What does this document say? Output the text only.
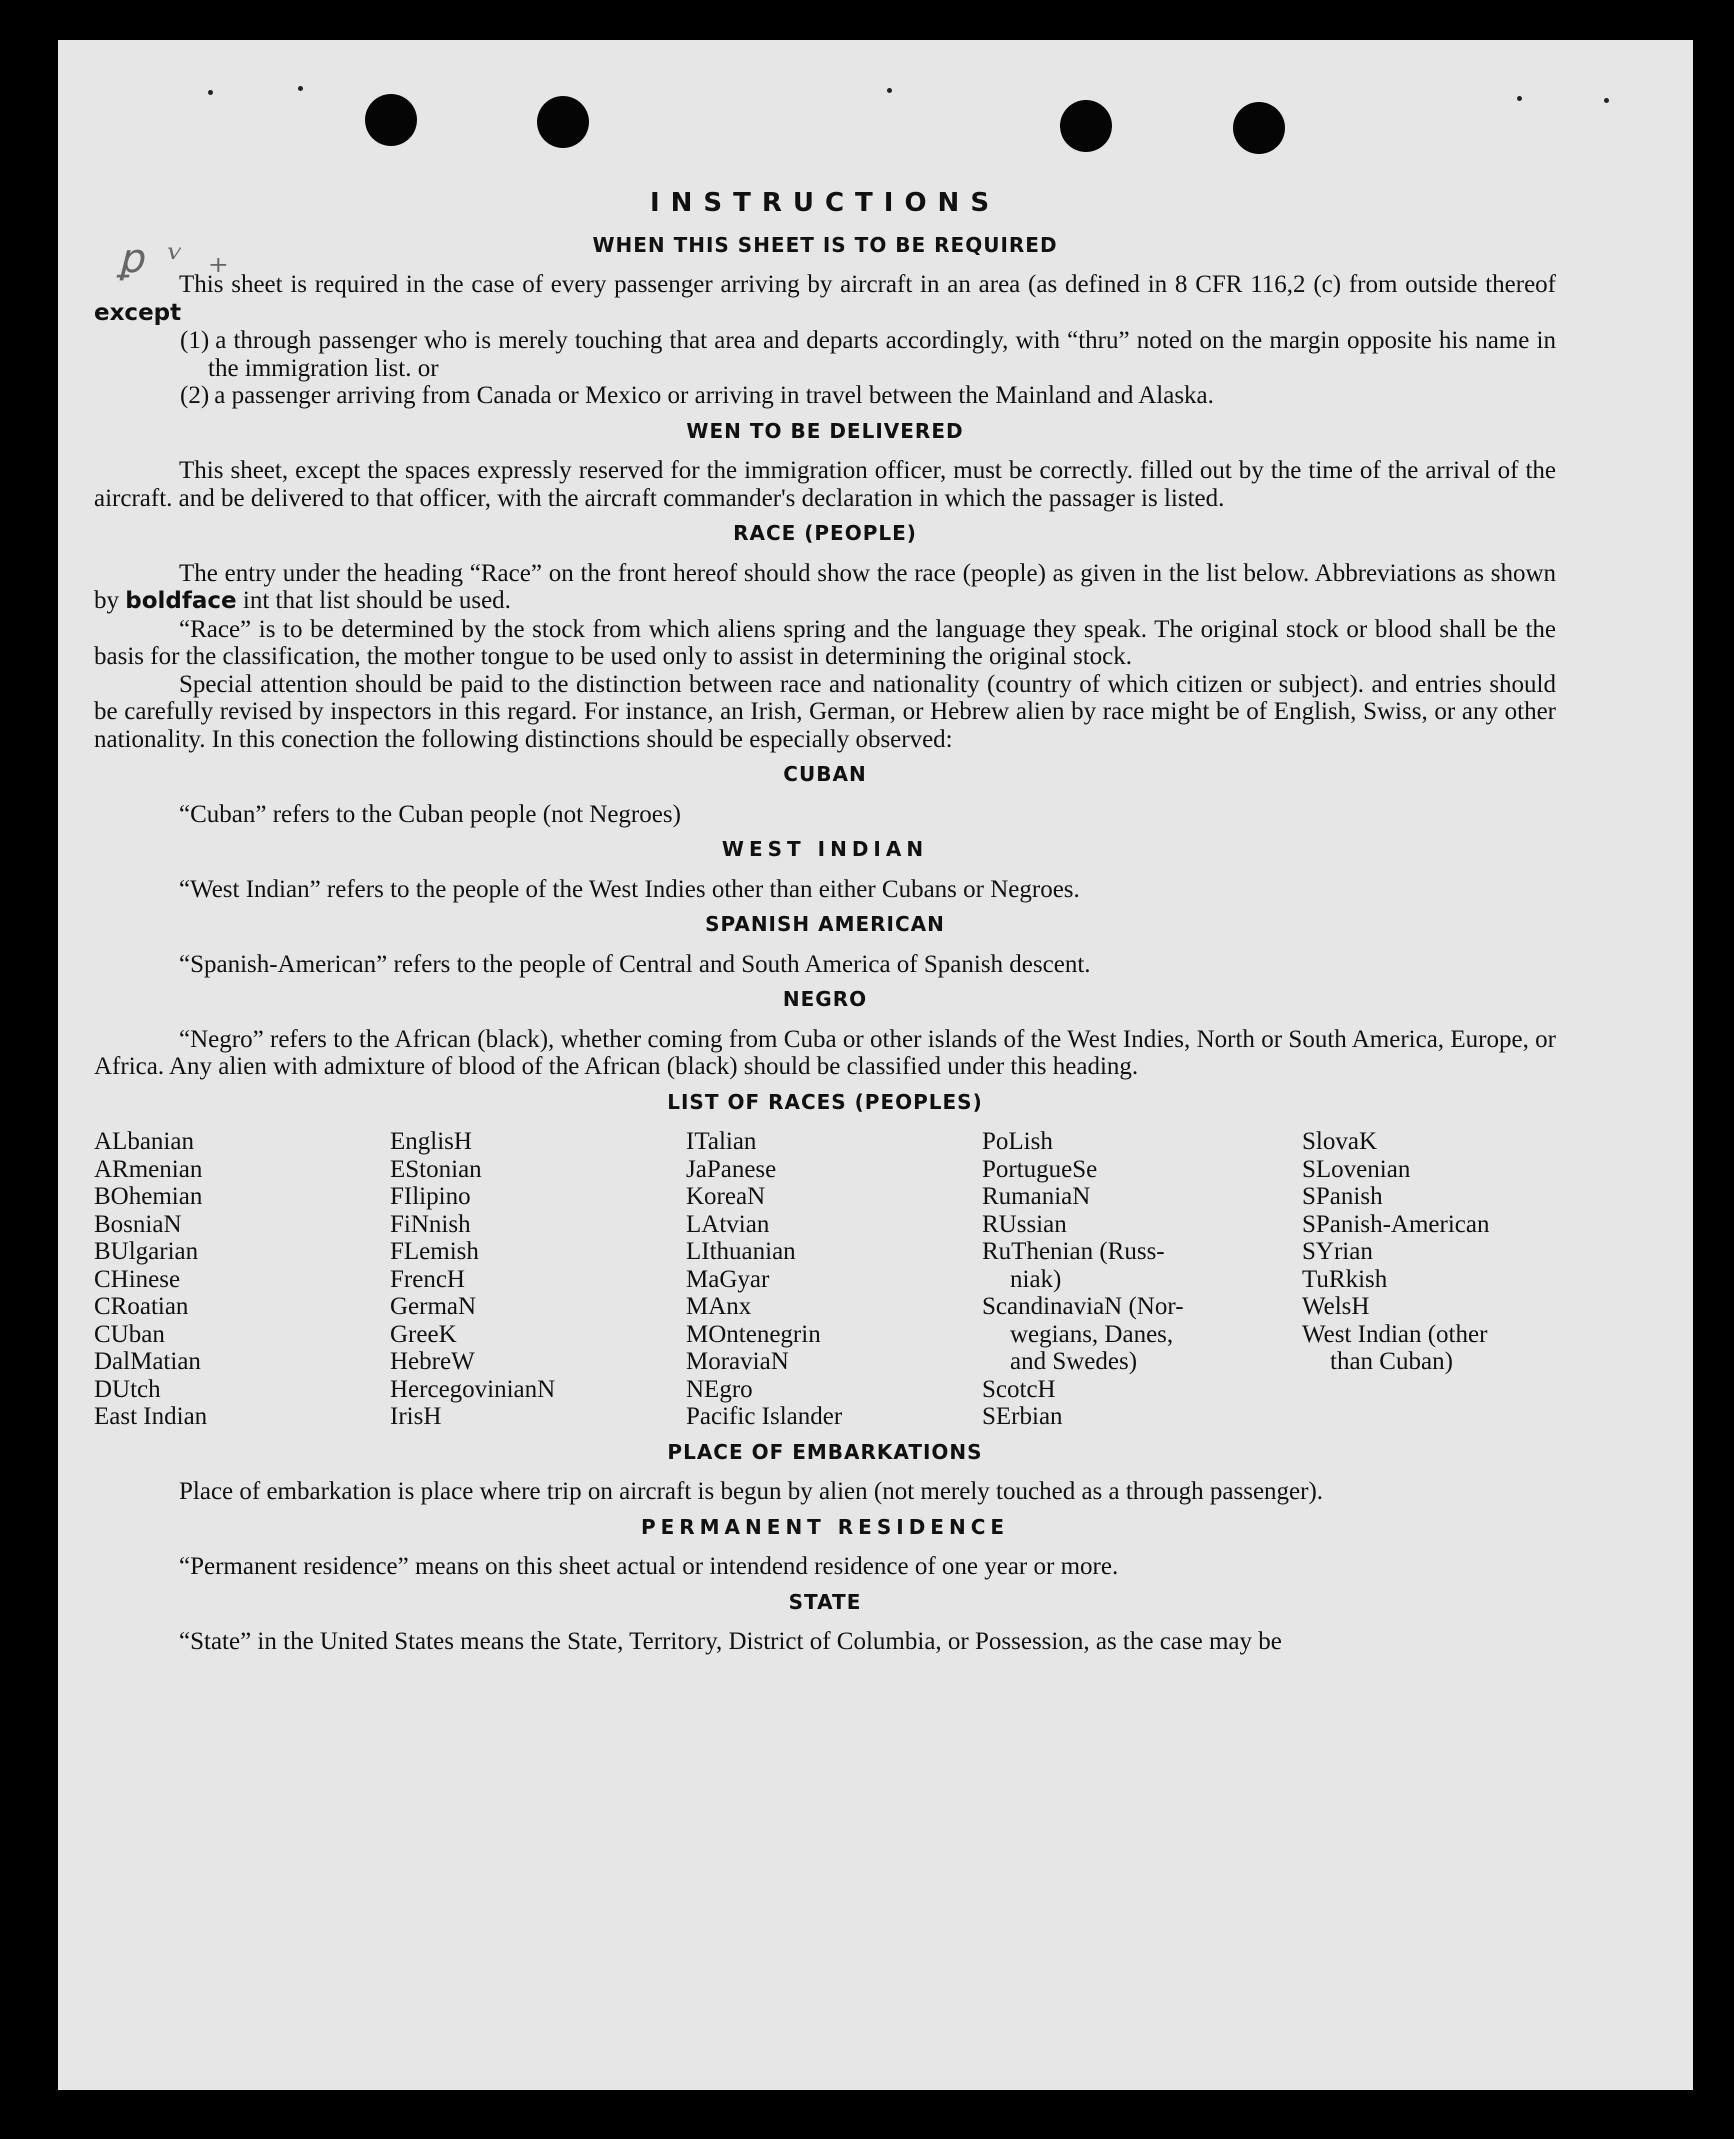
ꝑ ᵛ ₊
INSTRUCTIONS
WHEN THIS SHEET IS TO BE REQUIRED

This sheet is required in the case of every passenger arriving by aircraft in an area (as defined in 8 CFR 116,2 (c) from outside thereof except

(1) a through passenger who is merely touching that area and departs accordingly, with “thru” noted on the margin opposite his name in the immigration list. or

(2) a passenger arriving from Canada or Mexico or arriving in travel between the Mainland and Alaska.

WEN TO BE DELIVERED

This sheet, except the spaces expressly reserved for the immigration officer, must be correctly. filled out by the time of the arrival of the aircraft. and be delivered to that officer, with the aircraft commander's declaration in which the passager is listed.

RACE (PEOPLE)

The entry under the heading “Race” on the front hereof should show the race (people) as given in the list below. Abbreviations as shown by boldface int that list should be used.

“Race” is to be determined by the stock from which aliens spring and the language they speak. The original stock or blood shall be the basis for the classification, the mother tongue to be used only to assist in determining the original stock.

Special attention should be paid to the distinction between race and nationality (country of which citizen or subject). and entries should be carefully revised by inspectors in this regard. For instance, an Irish, German, or Hebrew alien by race might be of English, Swiss, or any other nationality. In this conection the following distinctions should be especially observed:

CUBAN

“Cuban” refers to the Cuban people (not Negroes)

WEST INDIAN

“West Indian” refers to the people of the West Indies other than either Cubans or Negroes.

SPANISH AMERICAN

“Spanish-American” refers to the people of Central and South America of Spanish descent.

NEGRO

“Negro” refers to the African (black), whether coming from Cuba or other islands of the West Indies, North or South America, Europe, or Africa. Any alien with admixture of blood of the African (black) should be classified under this heading.

LIST OF RACES (PEOPLES)
ALbanian
ARmenian
BOhemian
BosniaN
BUlgarian
CHinese
CRoatian
CUban
DalMatian
DUtch
East Indian
EnglisH
EStonian
FIlipino
FiNnish
FLemish
FrencH
GermaN
GreeK
HebreW
HercegovinianN
IrisH
ITalian
JaPanese
KoreaN
LAtvian
LIthuanian
MaGyar
MAnx
MOntenegrin
MoraviaN
NEgro
Pacific Islander
PoLish
PortugueSe
RumaniaN
RUssian
RuThenian (Russ-
niak)
ScandinaviaN (Nor-
wegians, Danes,
and Swedes)
ScotcH
SErbian
SlovaK
SLovenian
SPanish
SPanish-American
SYrian
TuRkish
WelsH
West Indian (other
than Cuban)
PLACE OF EMBARKATIONS

Place of embarkation is place where trip on aircraft is begun by alien (not merely touched as a through passenger).

PERMANENT RESIDENCE

“Permanent residence” means on this sheet actual or intendend residence of one year or more.

STATE

“State” in the United States means the State, Territory, District of Columbia, or Possession, as the case may be
